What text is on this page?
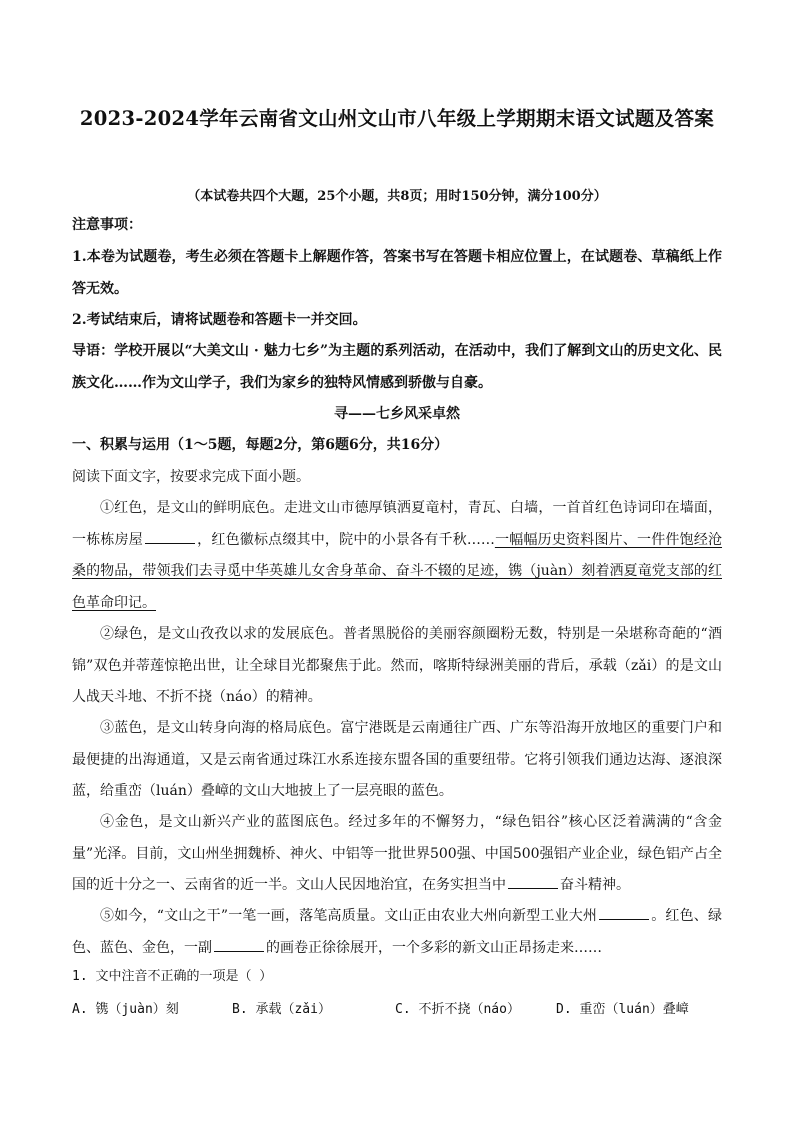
2023-2024学年云南省文山州文山市八年级上学期期末语文试题及答案
（本试卷共四个大题，25个小题，共8页；用时150分钟，满分100分）
注意事项：
1.本卷为试题卷，考生必须在答题卡上解题作答，答案书写在答题卡相应位置上，在试题卷、草稿纸上作答无效。
2.考试结束后，请将试题卷和答题卡一并交回。
导语：学校开展以“大美文山 · 魅力七乡”为主题的系列活动，在活动中，我们了解到文山的历史文化、民族文化……作为文山学子，我们为家乡的独特风情感到骄傲与自豪。
寻——七乡风采卓然
一、积累与运用（1～5题，每题2分，第6题6分，共16分）
阅读下面文字，按要求完成下面小题。
①红色，是文山的鲜明底色。走进文山市德厚镇洒夏竜村，青瓦、白墙，一首首红色诗词印在墙面，一栋栋房屋	，红色徽标点缀其中，院中的小景各有千秋……一幅幅历史资料图片、一件件饱经沧桑的物品，带领我们去寻觅中华英雄儿女舍身革命、奋斗不辍的足迹，镌（juàn）刻着洒夏竜党支部的红色革命印记。
②绿色，是文山孜孜以求的发展底色。普者黑脱俗的美丽容颜圈粉无数，特别是一朵堪称奇葩的“酒锦”双色并蒂莲惊艳出世，让全球目光都聚焦于此。然而，喀斯特绿洲美丽的背后，承载（zǎi）的是文山人战天斗地、不折不挠（náo）的精神。
③蓝色，是文山转身向海的格局底色。富宁港既是云南通往广西、广东等沿海开放地区的重要门户和最便捷的出海通道，又是云南省通过珠江水系连接东盟各国的重要纽带。它将引领我们通边达海、逐浪深蓝，给重峦（luán）叠嶂的文山大地披上了一层亮眼的蓝色。
④金色，是文山新兴产业的蓝图底色。经过多年的不懈努力，“绿色铝谷”核心区泛着满满的“含金量”光泽。目前，文山州坐拥魏桥、神火、中铝等一批世界500强、中国500强铝产业企业，绿色铝产占全国的近十分之一、云南省的近一半。文山人民因地治宜，在务实担当中	奋斗精神。
⑤如今，“文山之干”一笔一画，落笔高质量。文山正由农业大州向新型工业大州	。红色、绿色、蓝色、金色，一副	的画卷正徐徐展开，一个多彩的新文山正昂扬走来……
1. 文中注音不正确的一项是（ ）
A. 镌（juàn）刻	B. 承载（zǎi）	C. 不折不挠（náo）	D. 重峦（luán）叠嶂
